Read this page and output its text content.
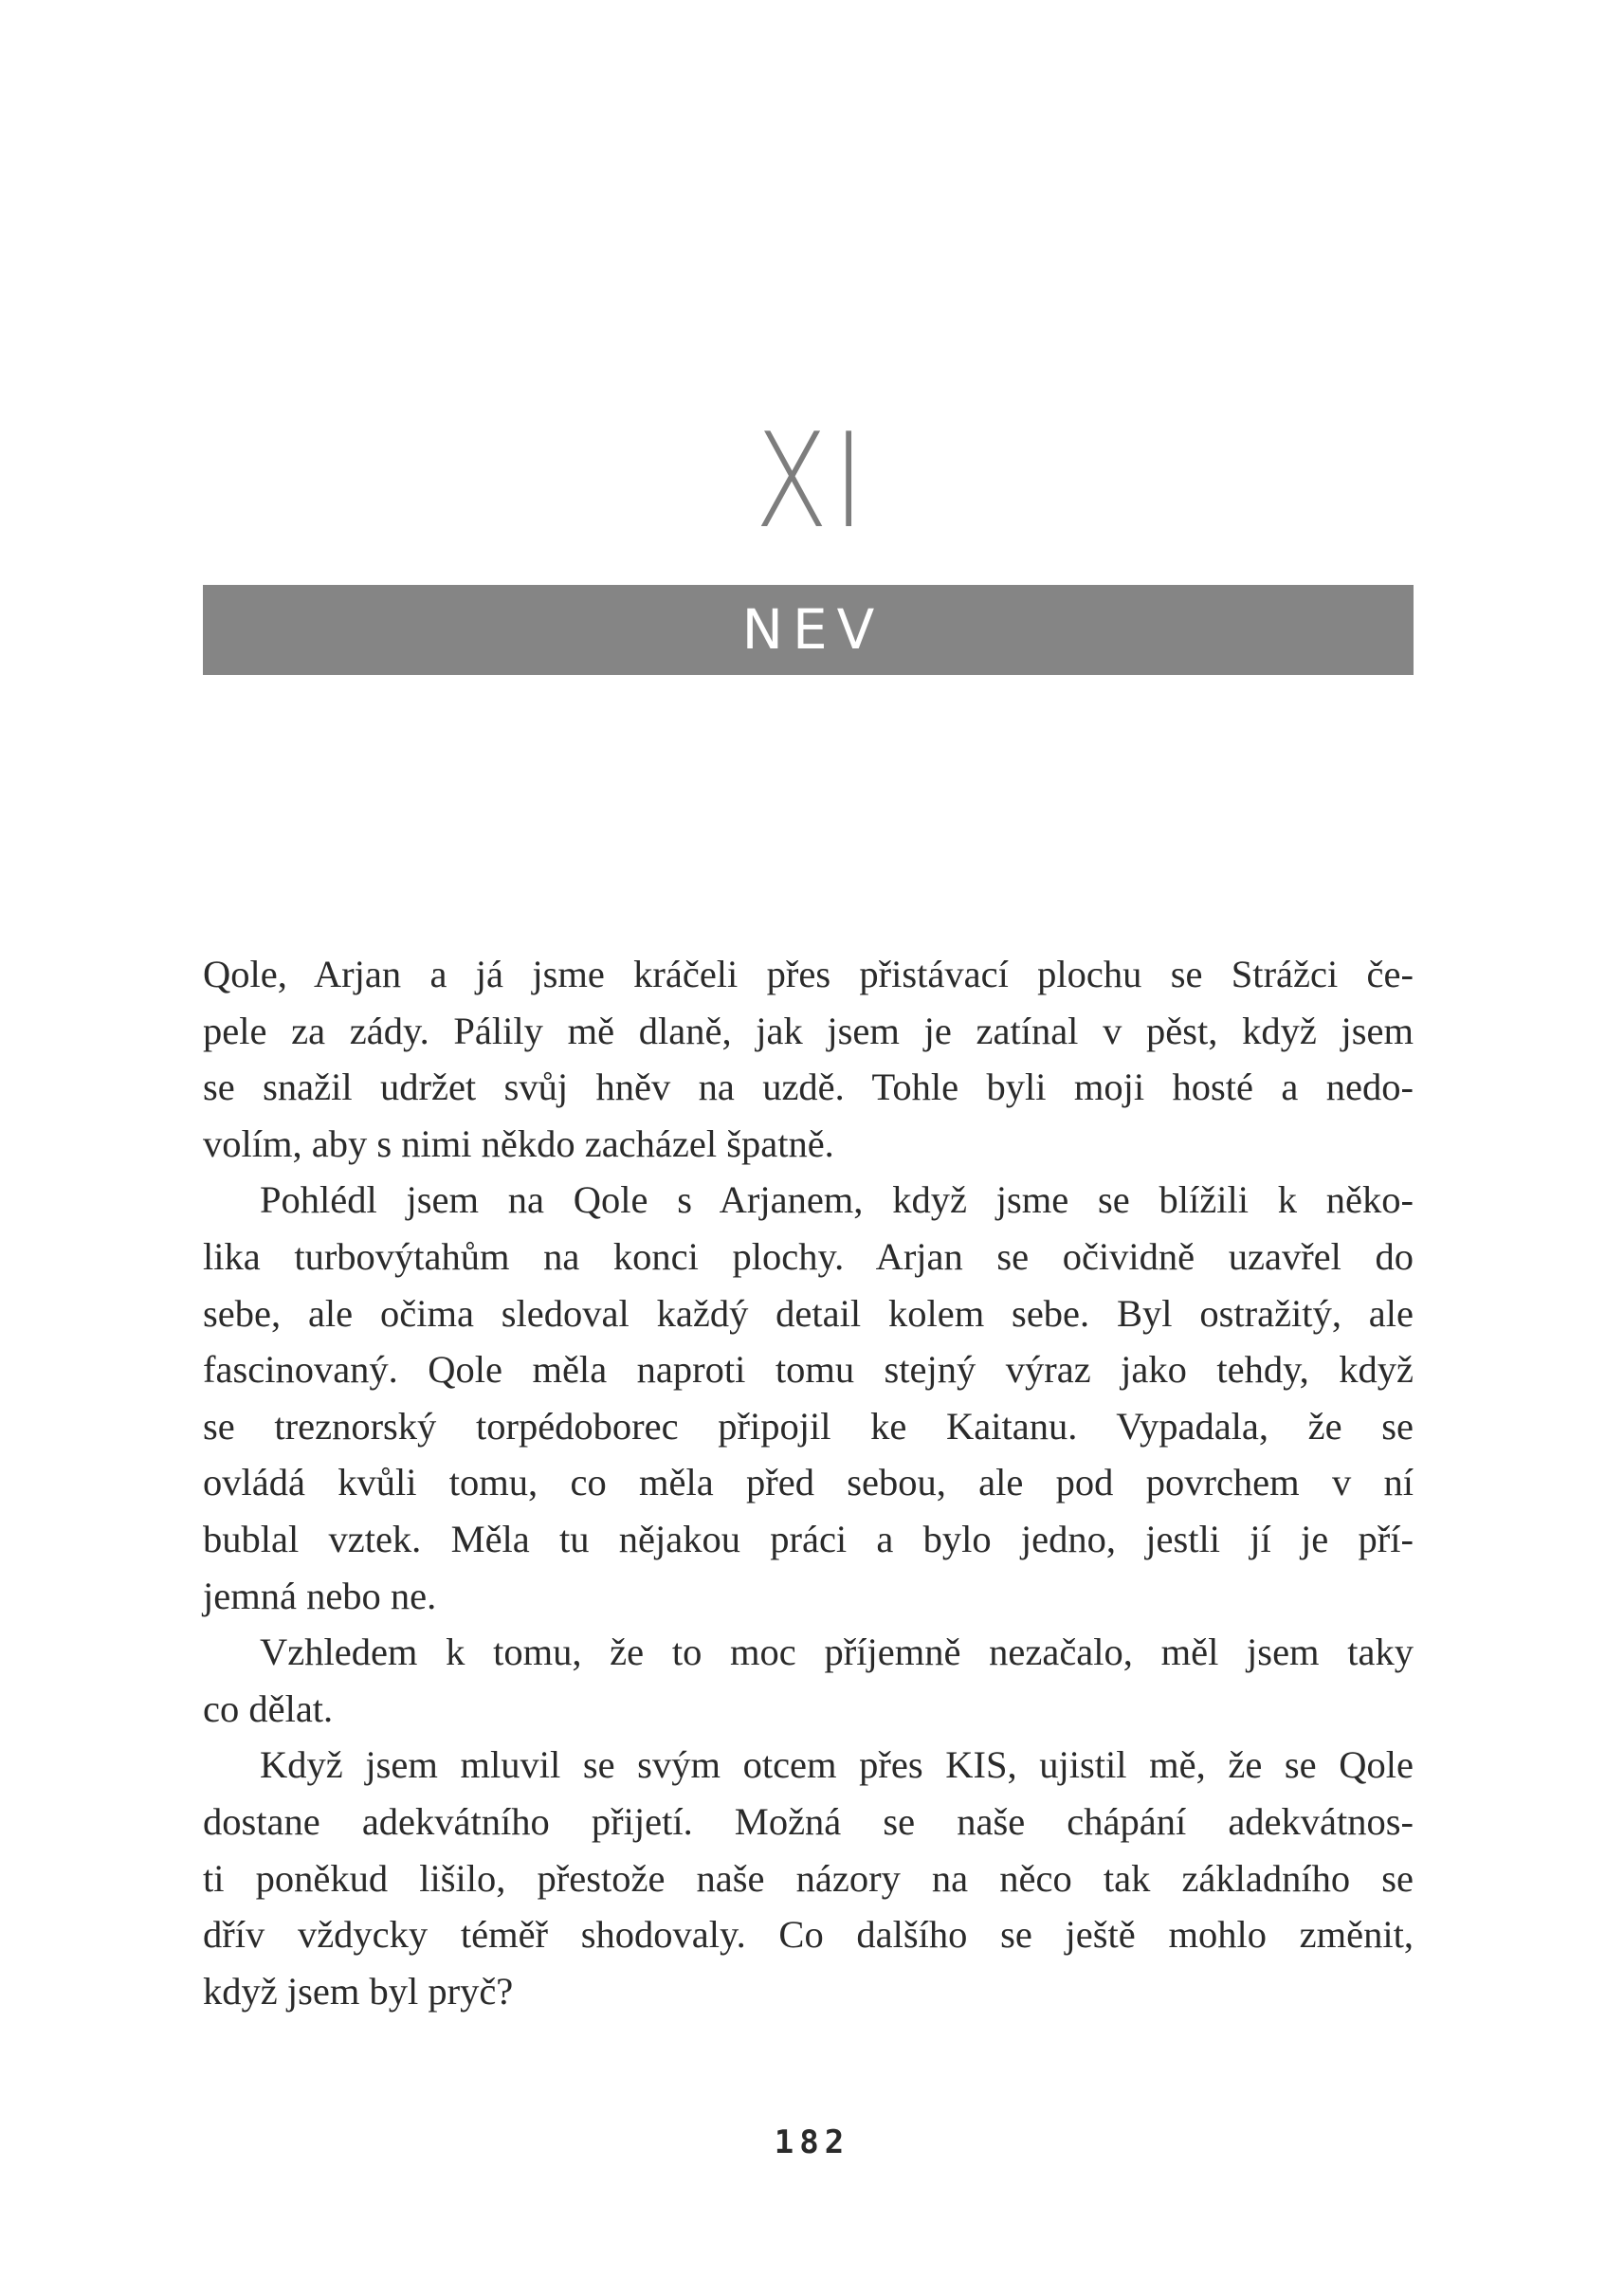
XI
NEV
Qole, Arjan a já jsme kráčeli přes přistávací plochu se Strážci če-
pele za zády. Pálily mě dlaně, jak jsem je zatínal v pěst, když jsem
se snažil udržet svůj hněv na uzdě. Tohle byli moji hosté a nedo-
volím, aby s nimi někdo zacházel špatně.
Pohlédl jsem na Qole s Arjanem, když jsme se blížili k něko-
lika turbovýtahům na konci plochy. Arjan se očividně uzavřel do
sebe, ale očima sledoval každý detail kolem sebe. Byl ostražitý, ale
fascinovaný. Qole měla naproti tomu stejný výraz jako tehdy, když
se treznorský torpédoborec připojil ke Kaitanu. Vypadala, že se
ovládá kvůli tomu, co měla před sebou, ale pod povrchem v ní
bublal vztek. Měla tu nějakou práci a bylo jedno, jestli jí je pří-
jemná nebo ne.
Vzhledem k tomu, že to moc příjemně nezačalo, měl jsem taky
co dělat.
Když jsem mluvil se svým otcem přes KIS, ujistil mě, že se Qole
dostane adekvátního přijetí. Možná se naše chápání adekvátnos-
ti poněkud lišilo, přestože naše názory na něco tak základního se
dřív vždycky téměř shodovaly. Co dalšího se ještě mohlo změnit,
když jsem byl pryč?
182
